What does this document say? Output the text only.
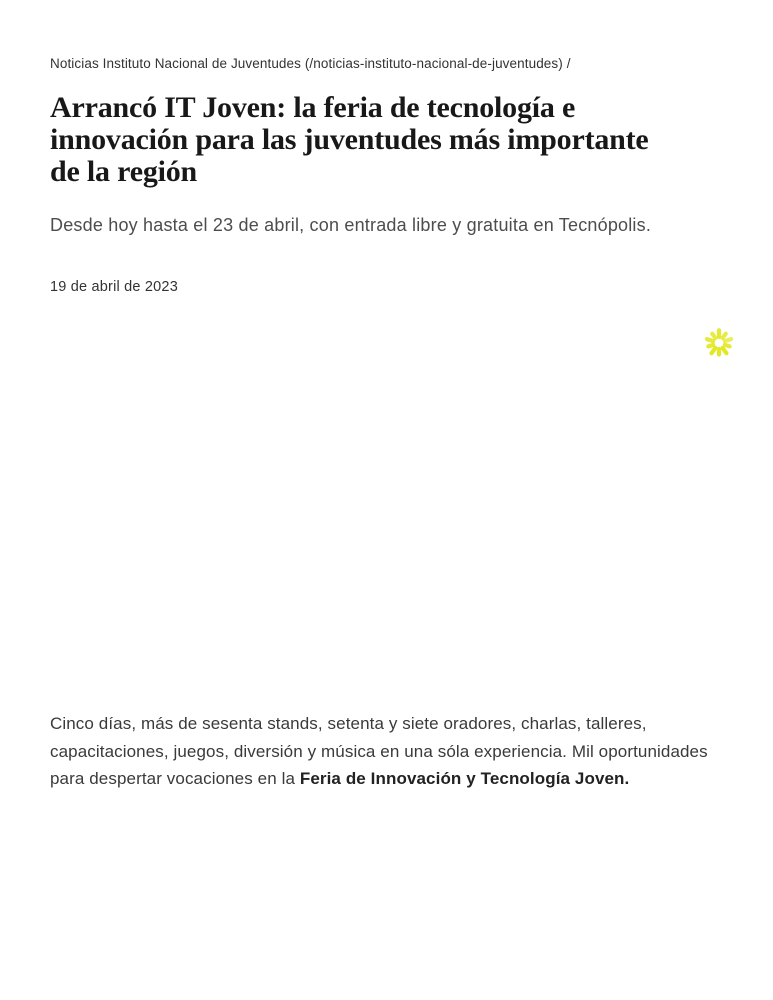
Noticias Instituto Nacional de Juventudes (/noticias-instituto-nacional-de-juventudes) /
Arrancó IT Joven: la feria de tecnología e innovación para las juventudes más importante de la región

Desde hoy hasta el 23 de abril, con entrada libre y gratuita en Tecnópolis.

19 de abril de 2023

Cinco días, más de sesenta stands, setenta y siete oradores, charlas, talleres, capacitaciones, juegos, diversión y música en una sóla experiencia. Mil oportunidades para despertar vocaciones en la Feria de Innovación y Tecnología Joven.
